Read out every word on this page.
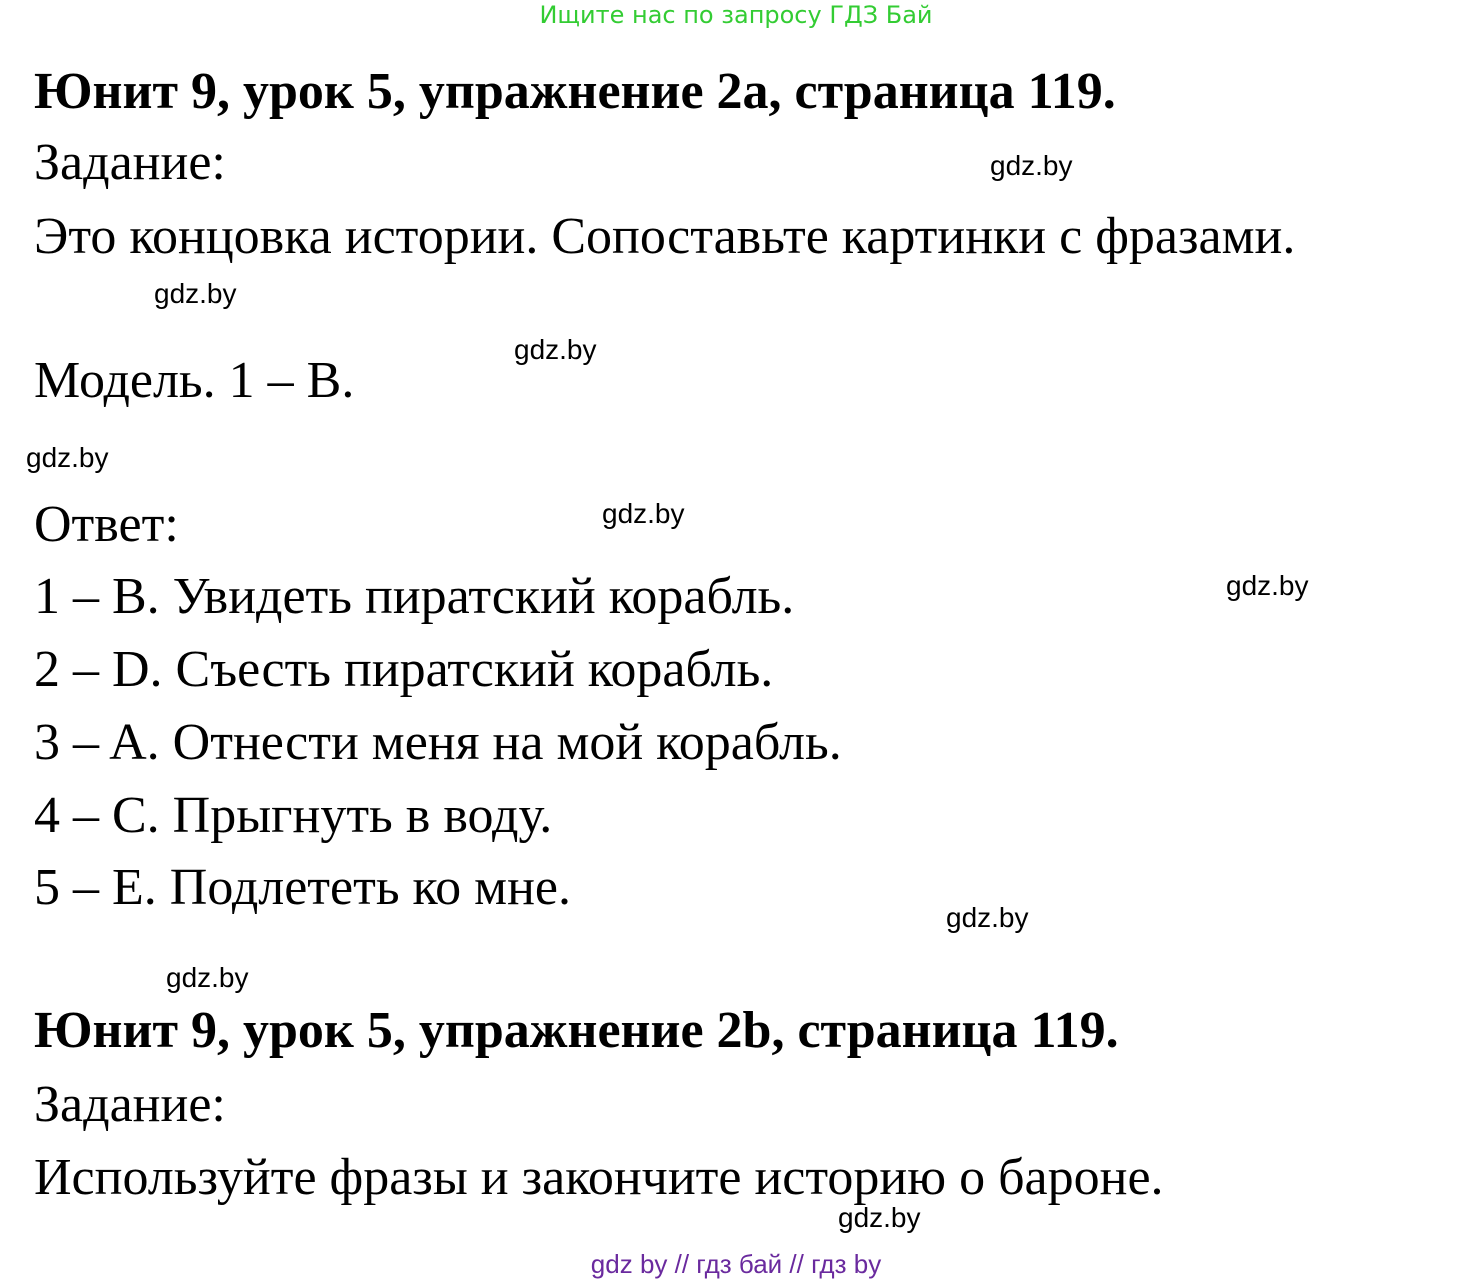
Ищите нас по запросу ГДЗ Бай
Юнит 9, урок 5, упражнение 2a, страница 119.
Задание:
Это концовка истории. Сопоставьте картинки с фразами.
Модель. 1 – B.
Ответ:
1 – B. Увидеть пиратский корабль.
2 – D. Съесть пиратский корабль.
3 – A. Отнести меня на мой корабль.
4 – C. Прыгнуть в воду.
5 – E. Подлететь ко мне.
Юнит 9, урок 5, упражнение 2b, страница 119.
Задание:
Используйте фразы и закончите историю о бароне.
gdz.by
gdz.by
gdz.by
gdz.by
gdz.by
gdz.by
gdz.by
gdz.by
gdz.by
gdz by // гдз бай // гдз by
